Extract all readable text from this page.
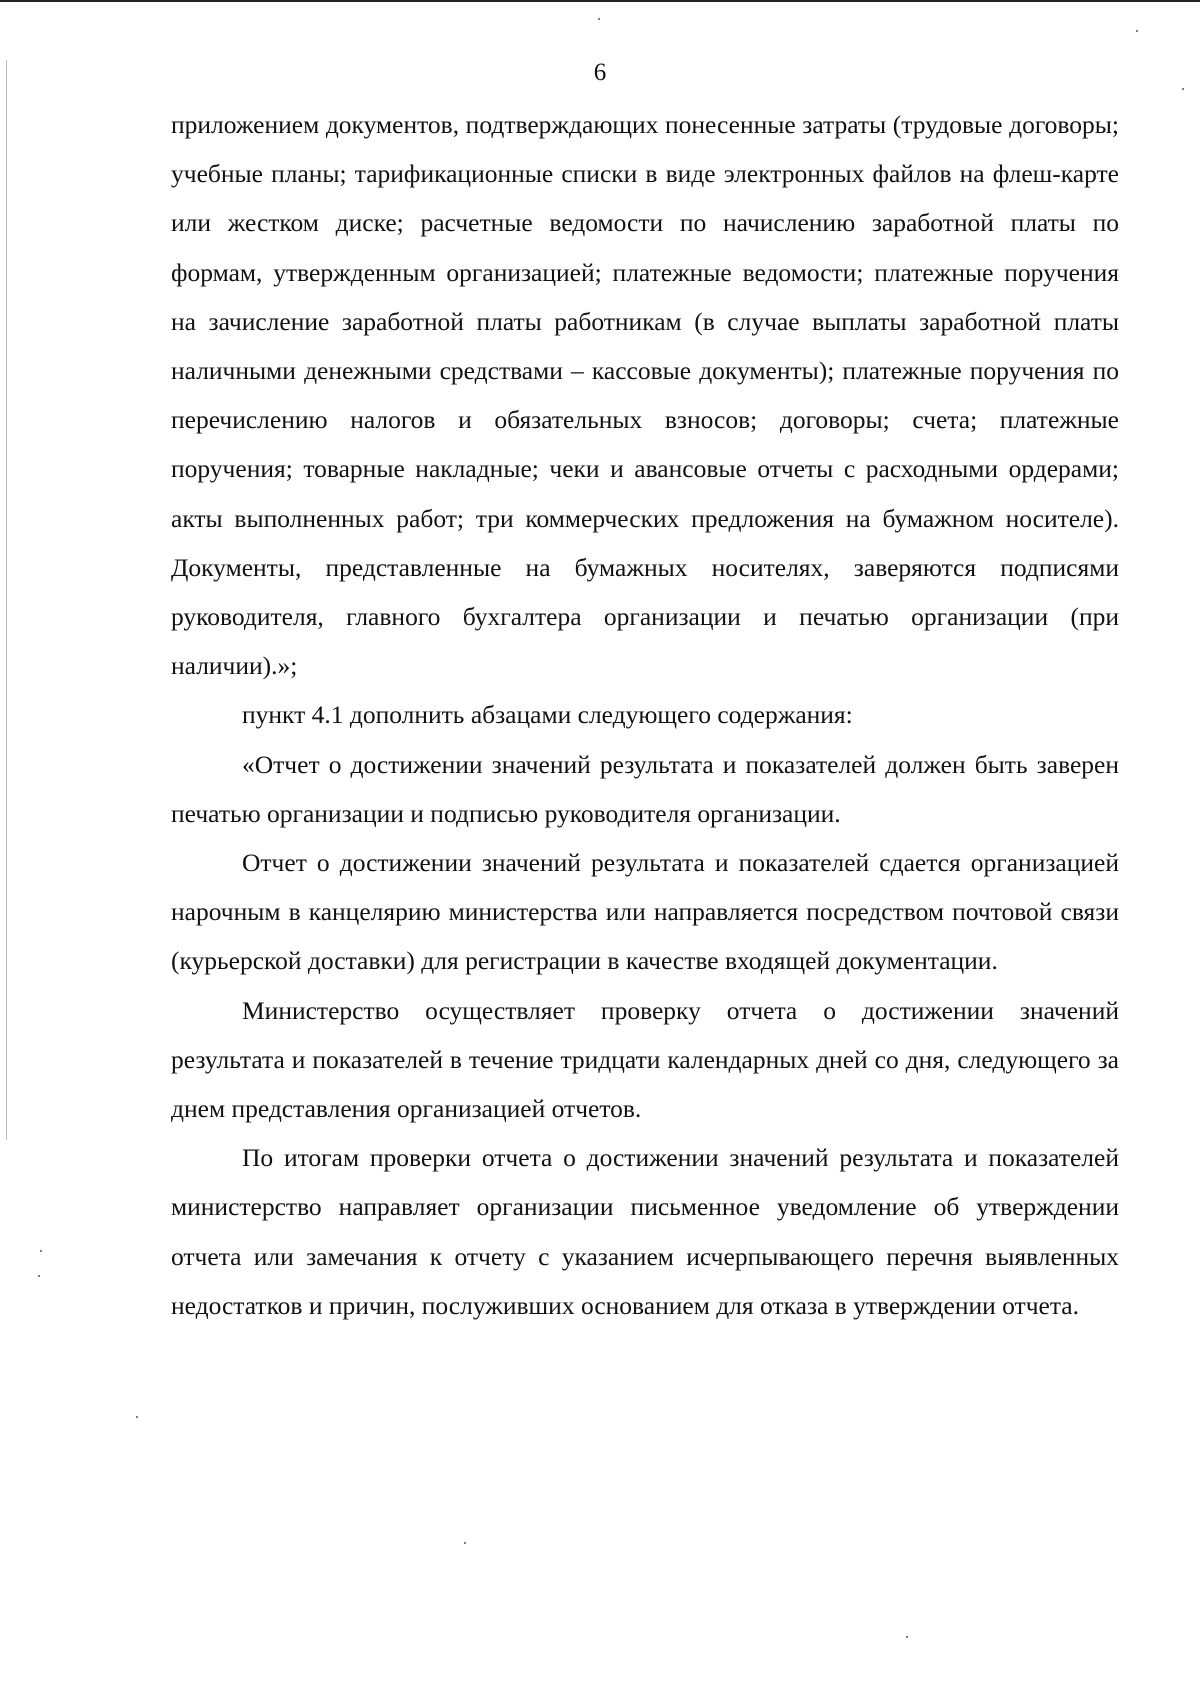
6

приложением документов, подтверждающих понесенные затраты (трудовые договоры; учебные планы; тарификационные списки в виде электронных файлов на флеш-карте или жестком диске; расчетные ведомости по начислению заработной платы по формам, утвержденным организацией; платежные ведомости; платежные поручения на зачисление заработной платы работникам (в случае выплаты заработной платы наличными денежными средствами – кассовые документы); платежные поручения по перечислению налогов и обязательных взносов; договоры; счета; платежные поручения; товарные накладные; чеки и авансовые отчеты с расходными ордерами; акты выполненных работ; три коммерческих предложения на бумажном носителе). Документы, представленные на бумажных носителях, заверяются подписями руководителя, главного бухгалтера организации и печатью организации (при наличии).»;

пункт 4.1 дополнить абзацами следующего содержания:

«Отчет о достижении значений результата и показателей должен быть заверен печатью организации и подписью руководителя организации.

Отчет о достижении значений результата и показателей сдается организацией нарочным в канцелярию министерства или направляется посредством почтовой связи (курьерской доставки) для регистрации в качестве входящей документации.

Министерство осуществляет проверку отчета о достижении значений результата и показателей в течение тридцати календарных дней со дня, следующего за днем представления организацией отчетов.

По итогам проверки отчета о достижении значений результата и показателей министерство направляет организации письменное уведомление об утверждении отчета или замечания к отчету с указанием исчерпывающего перечня выявленных недостатков и причин, послуживших основанием для отказа в утверждении отчета.
